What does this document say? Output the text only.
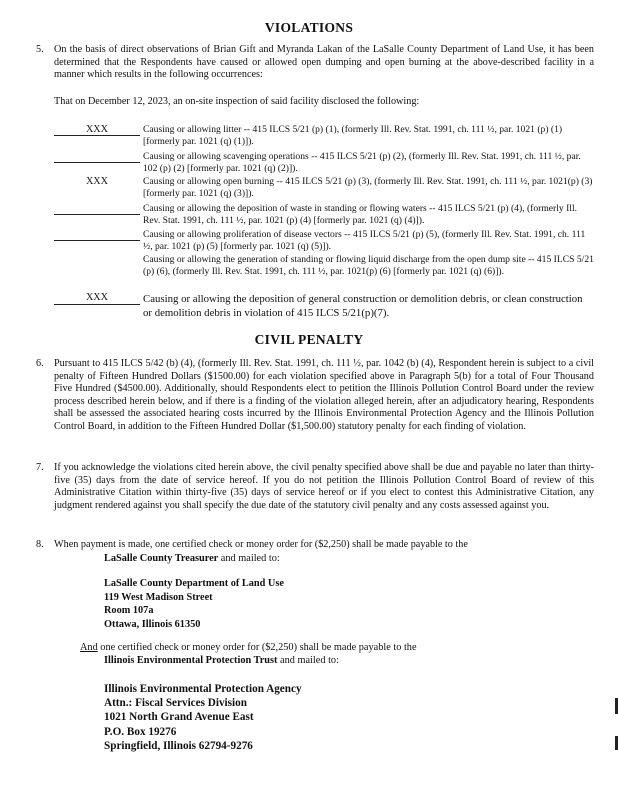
VIOLATIONS
5. On the basis of direct observations of Brian Gift and Myranda Lakan of the LaSalle County Department of Land Use, it has been determined that the Respondents have caused or allowed open dumping and open burning at the above-described facility in a manner which results in the following occurrences:
That on December 12, 2023, an on-site inspection of said facility disclosed the following:
XXX	Causing or allowing litter -- 415 ILCS 5/21 (p) (1), (formerly Ill. Rev. Stat. 1991, ch. 111 ½, par. 1021 (p) (1) [formerly par. 1021 (q) (1)]).
Causing or allowing scavenging operations -- 415 ILCS 5/21 (p) (2), (formerly Ill. Rev. Stat. 1991, ch. 111 ½, par. 102 (p) (2) [formerly par. 1021 (q) (2)]).
XXX	Causing or allowing open burning -- 415 ILCS 5/21 (p) (3), (formerly Ill. Rev. Stat. 1991, ch. 111 ½, par. 1021(p) (3) [formerly par. 1021 (q) (3)]).
Causing or allowing the deposition of waste in standing or flowing waters -- 415 ILCS 5/21 (p) (4), (formerly Ill. Rev. Stat. 1991, ch. 111 ½, par. 1021 (p) (4) [formerly par. 1021 (q) (4)]).
Causing or allowing proliferation of disease vectors -- 415 ILCS 5/21 (p) (5), (formerly Ill. Rev. Stat. 1991, ch. 111 ½, par. 1021 (p) (5) [formerly par. 1021 (q) (5)]).
Causing or allowing the generation of standing or flowing liquid discharge from the open dump site -- 415 ILCS 5/21 (p) (6), (formerly Ill. Rev. Stat. 1991, ch. 111 ½, par. 1021(p) (6) [formerly par. 1021 (q) (6)]).
XXX	Causing or allowing the deposition of general construction or demolition debris, or clean construction or demolition debris in violation of 415 ILCS 5/21(p)(7).
CIVIL PENALTY
6. Pursuant to 415 ILCS 5/42 (b) (4), (formerly Ill. Rev. Stat. 1991, ch. 111 ½, par. 1042 (b) (4), Respondent herein is subject to a civil penalty of Fifteen Hundred Dollars ($1500.00) for each violation specified above in Paragraph 5(b) for a total of Four Thousand Five Hundred ($4500.00). Additionally, should Respondents elect to petition the Illinois Pollution Control Board under the review process described herein below, and if there is a finding of the violation alleged herein, after an adjudicatory hearing, Respondents shall be assessed the associated hearing costs incurred by the Illinois Environmental Protection Agency and the Illinois Pollution Control Board, in addition to the Fifteen Hundred Dollar ($1,500.00) statutory penalty for each finding of violation.
7. If you acknowledge the violations cited herein above, the civil penalty specified above shall be due and payable no later than thirty-five (35) days from the date of service hereof. If you do not petition the Illinois Pollution Control Board of review of this Administrative Citation within thirty-five (35) days of service hereof or if you elect to contest this Administrative Citation, any judgment rendered against you shall specify the due date of the statutory civil penalty and any costs assessed against you.
8. When payment is made, one certified check or money order for ($2,250) shall be made payable to the
LaSalle County Treasurer and mailed to:
LaSalle County Department of Land Use
119 West Madison Street
Room 107a
Ottawa, Illinois 61350
And one certified check or money order for ($2,250) shall be made payable to the
Illinois Environmental Protection Trust and mailed to:
Illinois Environmental Protection Agency
Attn.: Fiscal Services Division
1021 North Grand Avenue East
P.O. Box 19276
Springfield, Illinois 62794-9276
